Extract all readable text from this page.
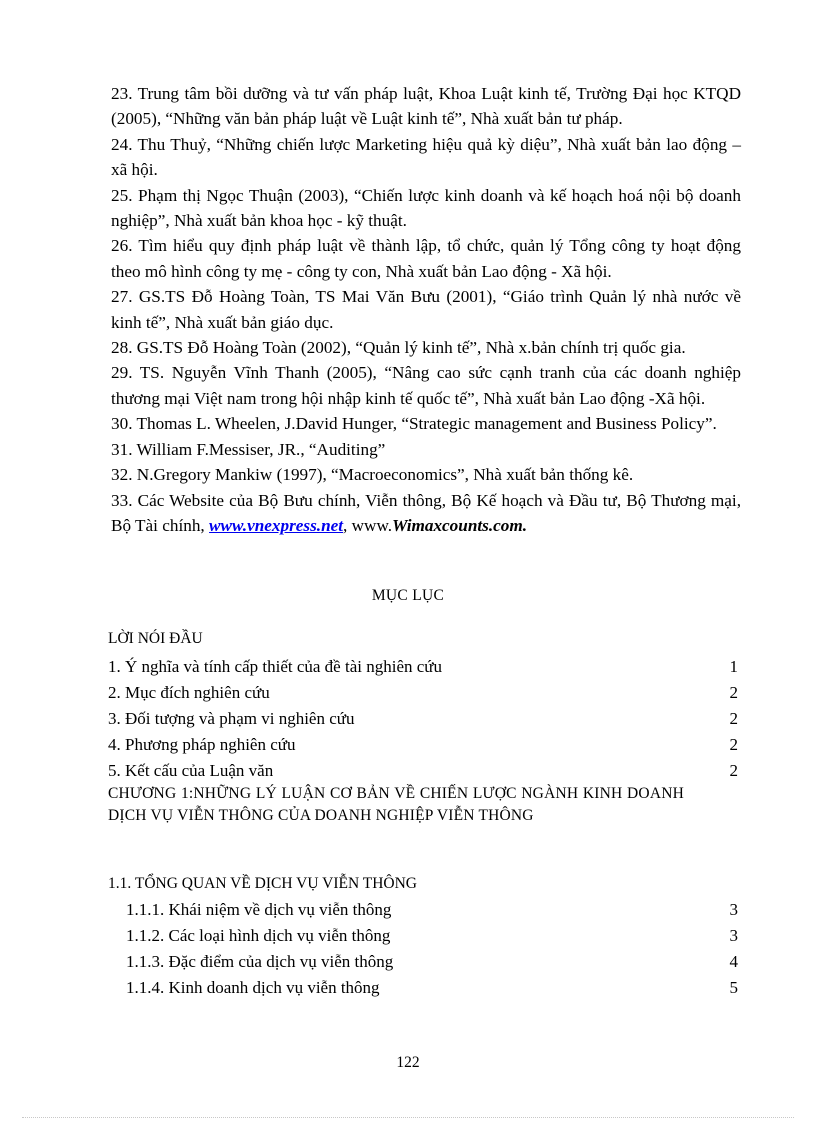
23. Trung tâm bồi dưỡng và tư vấn pháp luật, Khoa Luật kinh tế, Trường Đại học KTQD (2005), “Những văn bản pháp luật về Luật kinh tế”, Nhà xuất bản tư pháp.

24. Thu Thuỷ, “Những chiến lược Marketing hiệu quả kỳ diệu”, Nhà xuất bản lao động – xã hội.

25. Phạm thị Ngọc Thuận (2003), “Chiến lược kinh doanh và kế hoạch hoá nội bộ doanh nghiệp”, Nhà xuất bản khoa học - kỹ thuật.

26. Tìm hiểu quy định pháp luật về thành lập, tổ chức, quản lý Tổng công ty hoạt động theo mô hình công ty mẹ - công ty con, Nhà xuất bản Lao động - Xã hội.

27. GS.TS Đỗ Hoàng Toàn, TS Mai Văn Bưu (2001), “Giáo trình Quản lý nhà nước về kinh tế”, Nhà xuất bản giáo dục.

28. GS.TS Đỗ Hoàng Toàn (2002), “Quản lý kinh tế”, Nhà x.bản chính trị quốc gia.

29. TS. Nguyễn Vĩnh Thanh (2005), “Nâng cao sức cạnh tranh của các doanh nghiệp thương mại Việt nam trong hội nhập kinh tế quốc tế”, Nhà xuất bản Lao động -Xã hội.

30. Thomas L. Wheelen, J.David Hunger, “Strategic management and Business Policy”.

31. William F.Messiser, JR., “Auditing”

32. N.Gregory Mankiw (1997), “Macroeconomics”, Nhà xuất bản thống kê.

33. Các Website của Bộ Bưu chính, Viễn thông, Bộ Kế hoạch và Đầu tư, Bộ Thương mại, Bộ Tài chính, www.vnexpress.net, www.Wimaxcounts.com.

MỤC LỤC
LỜI NÓI ĐẦU
1. Ý nghĩa và tính cấp thiết của đề tài nghiên cứu	1
2. Mục đích nghiên cứu	2
3. Đối tượng và phạm vi nghiên cứu	2
4. Phương pháp nghiên cứu	2
5. Kết cấu của Luận văn	2
CHƯƠNG 1:NHỮNG LÝ LUẬN CƠ BẢN VỀ CHIẾN LƯỢC NGÀNH KINH DOANH DỊCH VỤ VIỄN THÔNG CỦA DOANH NGHIỆP VIỄN THÔNG
1.1. TỔNG QUAN VỀ DỊCH VỤ VIỄN THÔNG
1.1.1. Khái niệm về dịch vụ viễn thông	3
1.1.2. Các loại hình dịch vụ viễn thông	3
1.1.3. Đặc điểm của dịch vụ viễn thông	4
1.1.4. Kinh doanh dịch vụ viễn thông	5
122
